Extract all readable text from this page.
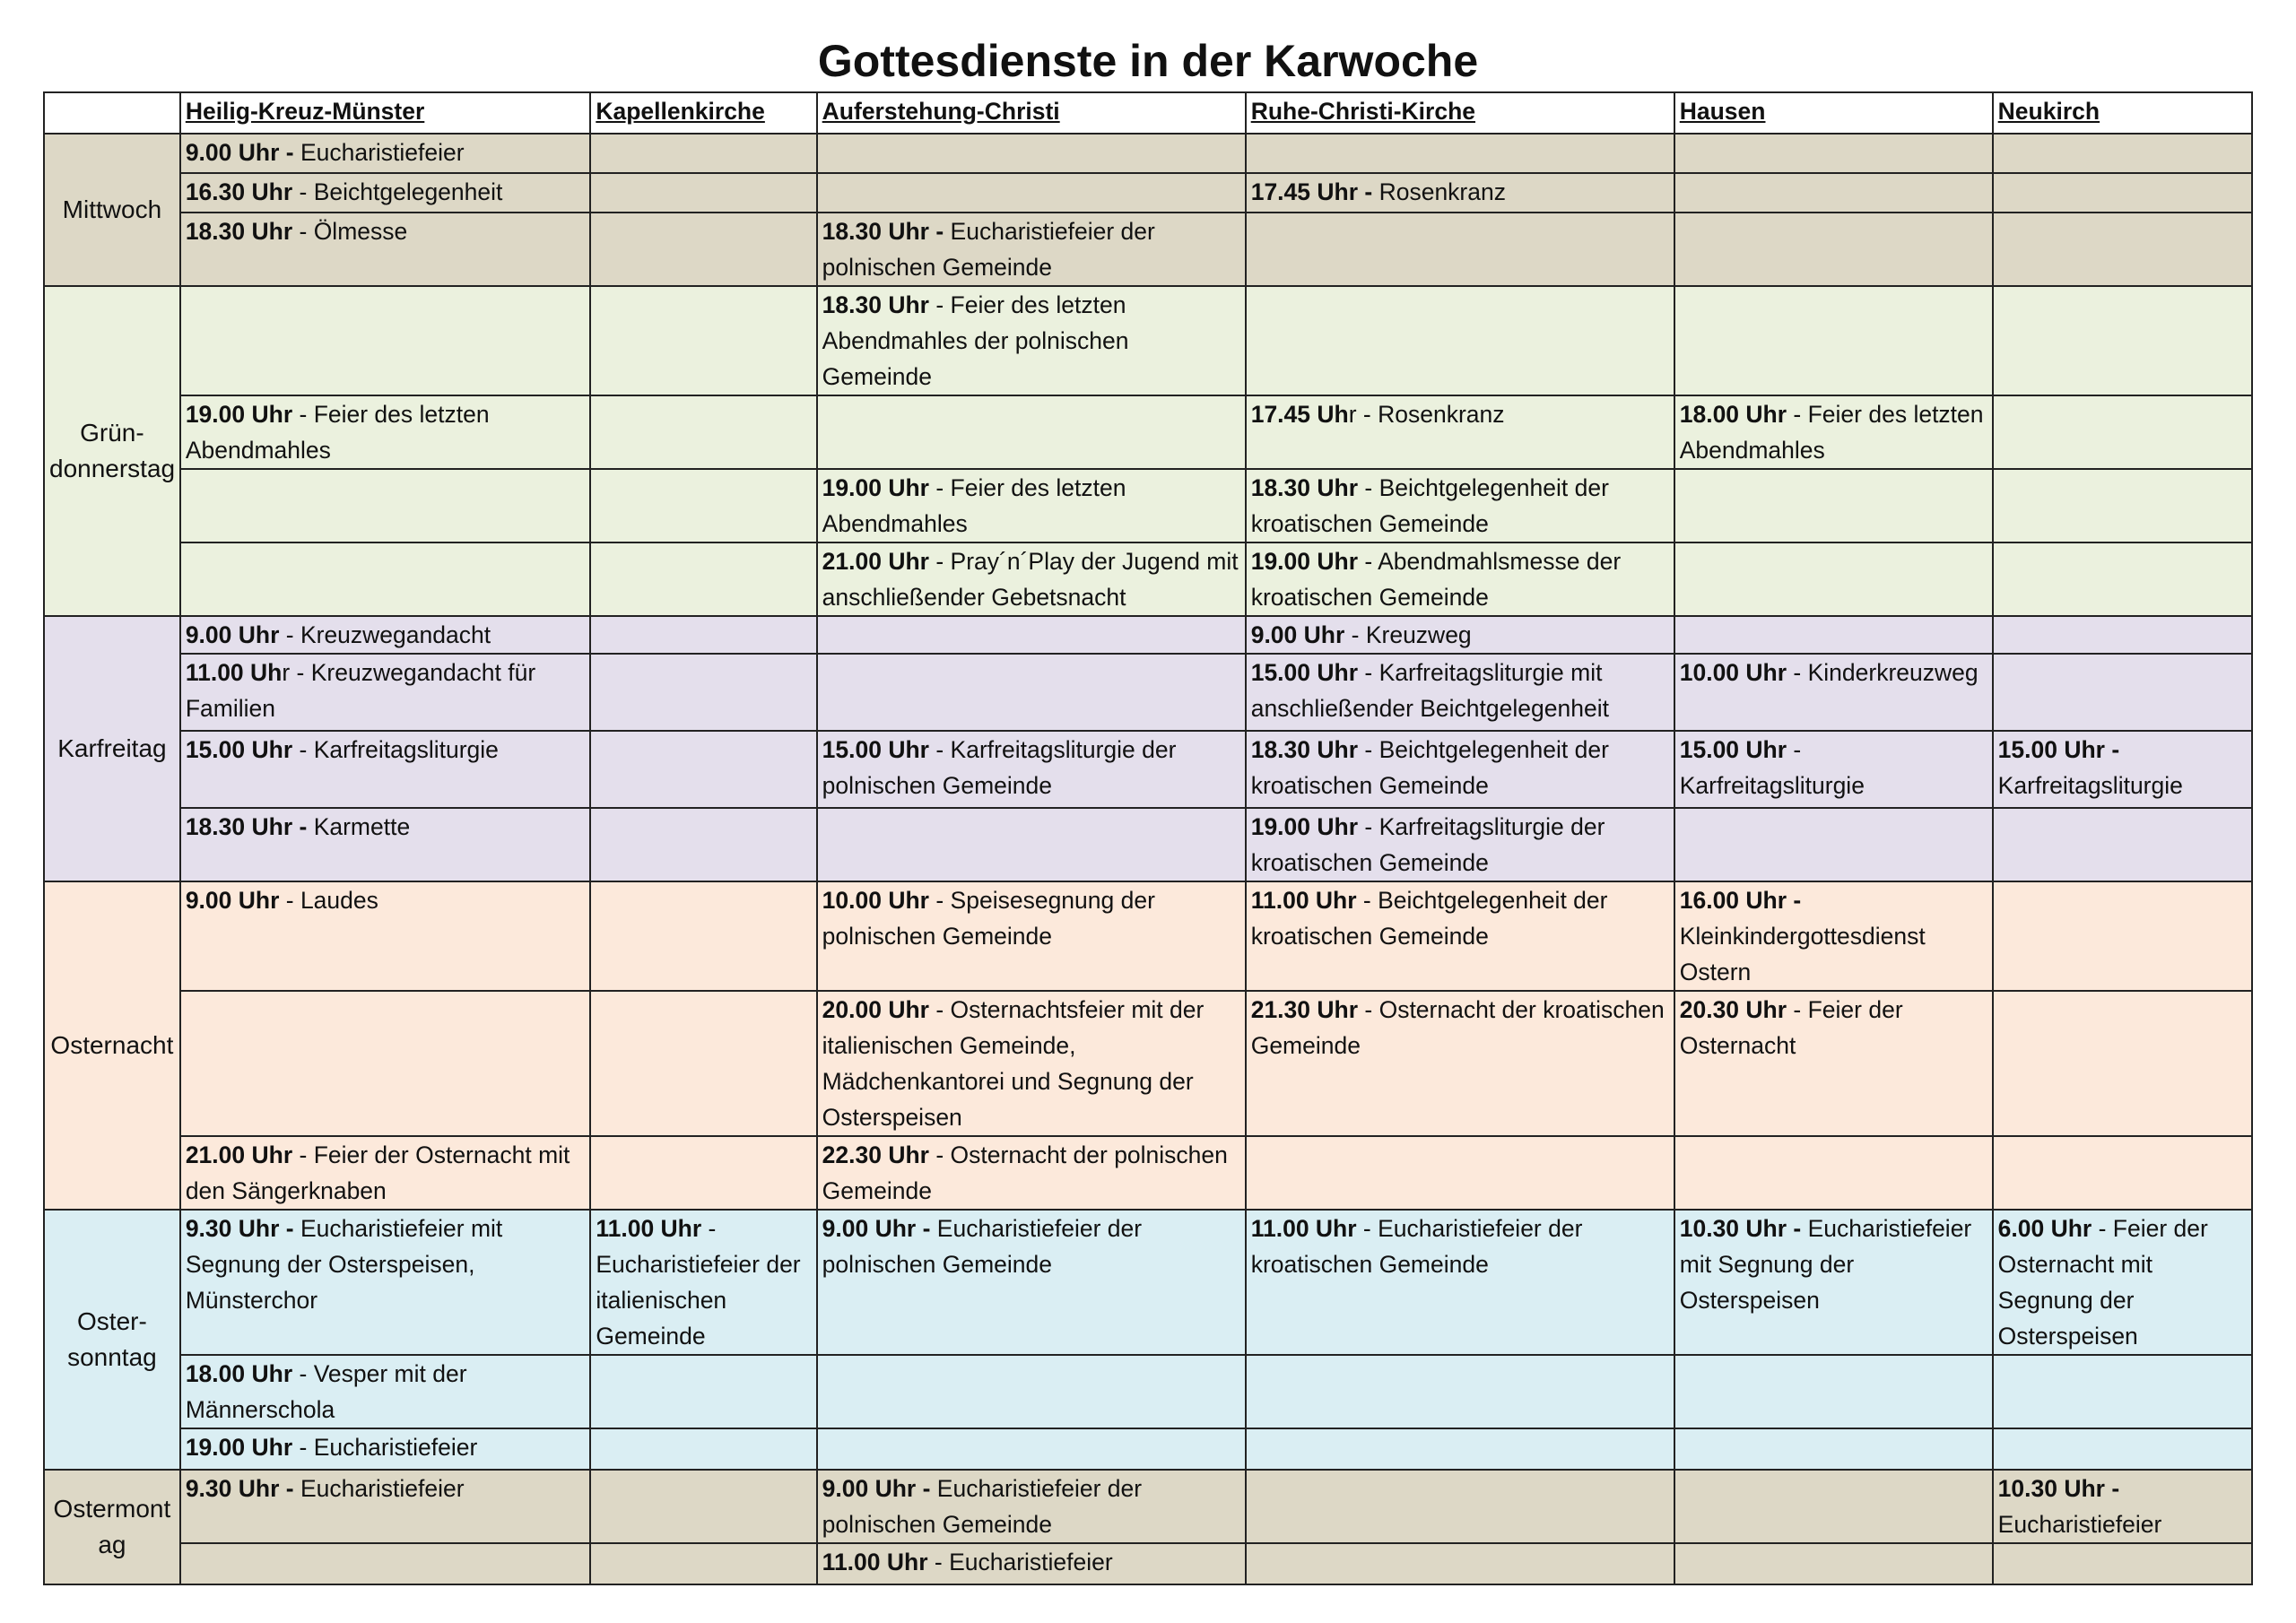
Gottesdienste in der Karwoche
	Heilig-Kreuz-Münster	Kapellenkirche	Auferstehung-Christi	Ruhe-Christi-Kirche	Hausen	Neukirch
Mittwoch	9.00 Uhr - Eucharistiefeier					
	16.30 Uhr - Beichtgelegenheit			17.45 Uhr - Rosenkranz		
	18.30 Uhr - Ölmesse		18.30 Uhr - Eucharistiefeier der polnischen Gemeinde			
Grün-
donnerstag			18.30 Uhr - Feier des letzten Abendmahles der polnischen Gemeinde			
	19.00 Uhr - Feier des letzten Abendmahles			17.45 Uhr - Rosenkranz	18.00 Uhr - Feier des letzten Abendmahles	
			19.00 Uhr - Feier des letzten Abendmahles	18.30 Uhr - Beichtgelegenheit der kroatischen Gemeinde		
			21.00 Uhr - Pray´n´Play der Jugend mit anschließender Gebetsnacht	19.00 Uhr - Abendmahlsmesse der kroatischen Gemeinde		
Karfreitag	9.00 Uhr - Kreuzwegandacht			9.00 Uhr - Kreuzweg		
	11.00 Uhr - Kreuzwegandacht für Familien			15.00 Uhr - Karfreitagsliturgie mit anschließender Beichtgelegenheit	10.00 Uhr - Kinderkreuzweg	
	15.00 Uhr - Karfreitagsliturgie		15.00 Uhr - Karfreitagsliturgie der polnischen Gemeinde	18.30 Uhr - Beichtgelegenheit der kroatischen Gemeinde	15.00 Uhr - Karfreitagsliturgie	15.00 Uhr - Karfreitagsliturgie
	18.30 Uhr - Karmette			19.00 Uhr - Karfreitagsliturgie der kroatischen Gemeinde		
Osternacht	9.00 Uhr - Laudes		10.00 Uhr - Speisesegnung der polnischen Gemeinde	11.00 Uhr - Beichtgelegenheit der kroatischen Gemeinde	16.00 Uhr - Kleinkindergottesdienst Ostern	
			20.00 Uhr - Osternachtsfeier mit der italienischen Gemeinde, Mädchenkantorei und Segnung der Osterspeisen	21.30 Uhr - Osternacht der kroatischen Gemeinde	20.30 Uhr - Feier der Osternacht	
	21.00 Uhr - Feier der Osternacht mit den Sängerknaben		22.30 Uhr - Osternacht der polnischen Gemeinde			
Oster-
sonntag	9.30 Uhr - Eucharistiefeier mit Segnung der Osterspeisen, Münsterchor	11.00 Uhr - Eucharistiefeier der italienischen Gemeinde	9.00 Uhr - Eucharistiefeier der polnischen Gemeinde	11.00 Uhr - Eucharistiefeier der kroatischen Gemeinde	10.30 Uhr - Eucharistiefeier mit Segnung der Osterspeisen	6.00 Uhr - Feier der Osternacht mit Segnung der Osterspeisen
	18.00 Uhr - Vesper mit der Männerschola					
	19.00 Uhr - Eucharistiefeier					
Ostermont
ag	9.30 Uhr - Eucharistiefeier		9.00 Uhr - Eucharistiefeier der polnischen Gemeinde			10.30 Uhr - Eucharistiefeier
			11.00 Uhr - Eucharistiefeier			
